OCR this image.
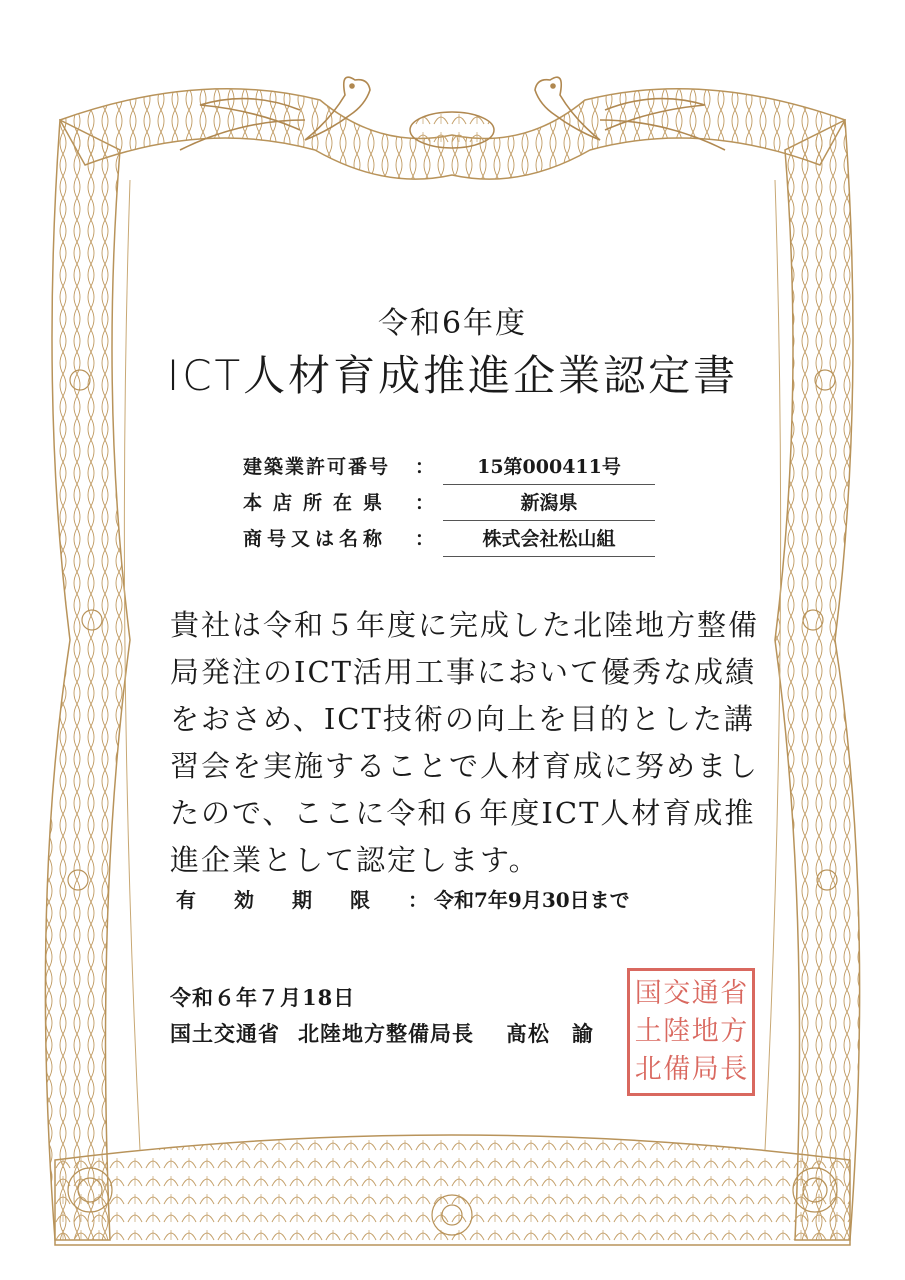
令和6年度
ICT人材育成推進企業認定書
建築業許可番号	：	15第000411号
本店所在県	：	新潟県
商号又は名称	：	株式会社松山組
貴社は令和５年度に完成した北陸地方整備
局発注のICT活用工事において優秀な成績
をおさめ、ICT技術の向上を目的とした講
習会を実施することで人材育成に努めまし
たので、ここに令和６年度ICT人材育成推
進企業として認定します。
有 効 期 限 ： 令和7年9月30日まで
令和６年７月18日
国土交通省 北陸地方整備局長 髙松　諭
国 交 通 省
土 陸 地 方
北 備 局 長
